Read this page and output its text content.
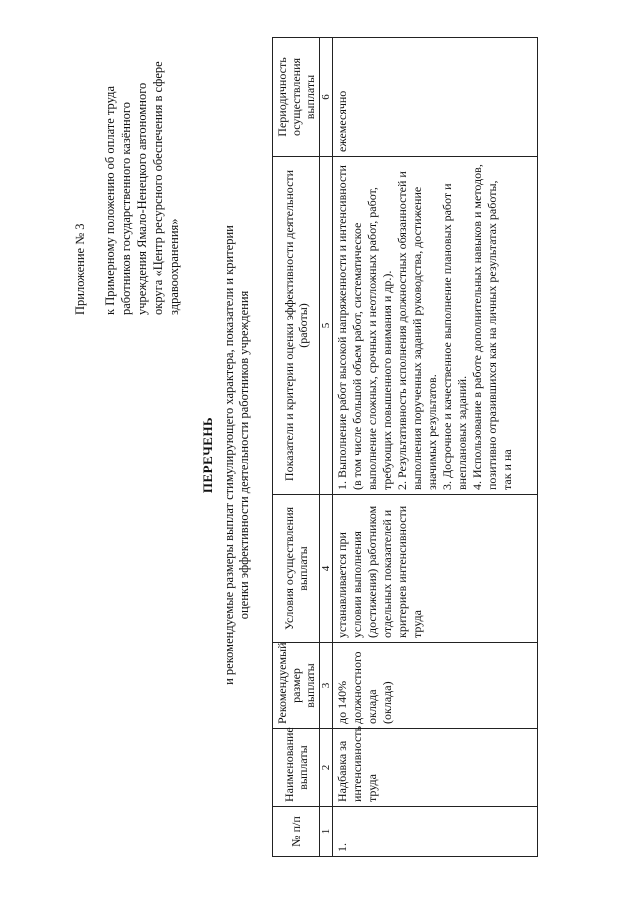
Приложение № 3 к Примерному положению об оплате труда работников государственного казённого учреждения Ямало-Ненецкого автономного округа «Центр ресурсного обеспечения в сфере здравоохранения»
ПЕРЕЧЕНЬ и рекомендуемые размеры выплат стимулирующего характера, показатели и критерии оценки эффективности деятельности работников учреждения
№ п/п	Наименование выплаты	Рекомендуемый размер выплаты	Условия осуществления выплаты	Показатели и критерии оценки эффективности деятельности (работы)	Периодичность осуществления выплаты
1	2	3	4	5	6
1.	Надбавка за интенсивность труда	до 140% должностного оклада (оклада)	устанавливается при условии выполнения (достижения) работником отдельных показателей и критериев интенсивности труда	1. Выполнение работ высокой напряженности и интенсивности (в том числе большой объем работ, систематическое выполнение сложных, срочных и неотложных работ, работ, требующих повышенного внимания и др.). 2. Результативность исполнения должностных обязанностей и выполнения порученных заданий руководства, достижение значимых результатов. 3. Досрочное и качественное выполнение плановых работ и внеплановых заданий. 4. Использование в работе дополнительных навыков и методов, позитивно отразившихся как на личных результатах работы, так и на	ежемесячно
